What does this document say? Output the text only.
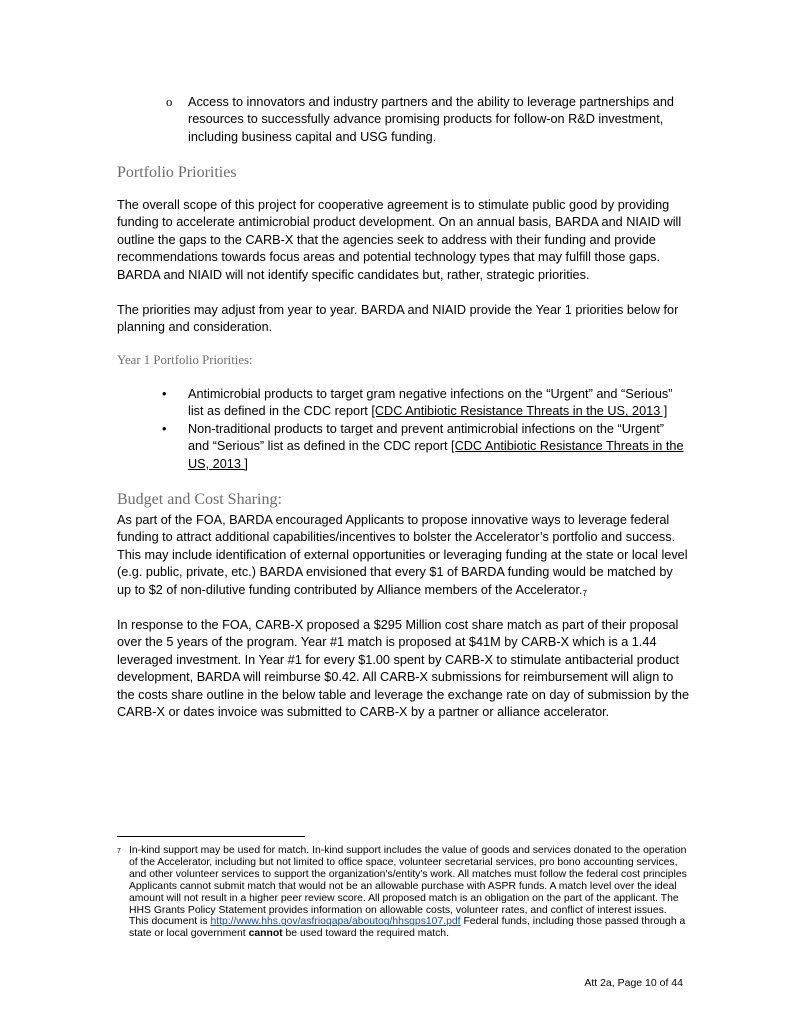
o Access to innovators and industry partners and the ability to leverage partnerships and resources to successfully advance promising products for follow-on R&D investment, including business capital and USG funding.

Portfolio Priorities
The overall scope of this project for cooperative agreement is to stimulate public good by providing funding to accelerate antimicrobial product development. On an annual basis, BARDA and NIAID will outline the gaps to the CARB-X that the agencies seek to address with their funding and provide recommendations towards focus areas and potential technology types that may fulfill those gaps. BARDA and NIAID will not identify specific candidates but, rather, strategic priorities.
The priorities may adjust from year to year. BARDA and NIAID provide the Year 1 priorities below for planning and consideration.
Year 1 Portfolio Priorities:
• Antimicrobial products to target gram negative infections on the “Urgent” and “Serious” list as defined in the CDC report [CDC Antibiotic Resistance Threats in the US, 2013 ]

• Non-traditional products to target and prevent antimicrobial infections on the “Urgent” and “Serious” list as defined in the CDC report [CDC Antibiotic Resistance Threats in the US, 2013 ]

Budget and Cost Sharing:
As part of the FOA, BARDA encouraged Applicants to propose innovative ways to leverage federal funding to attract additional capabilities/incentives to bolster the Accelerator’s portfolio and success. This may include identification of external opportunities or leveraging funding at the state or local level (e.g. public, private, etc.) BARDA envisioned that every $1 of BARDA funding would be matched by up to $2 of non-dilutive funding contributed by Alliance members of the $Accelerator._7$
In response to the FOA, CARB-X proposed a $295 Million cost share match as part of their proposal over the 5 years of the program. Year #1 match is proposed at $41M by CARB-X which is a 1.44 leveraged investment. In Year #1 for every $1.00 spent by CARB-X to stimulate antibacterial product development, BARDA will reimburse $0.42. All CARB-X submissions for reimbursement will align to the costs share outline in the below table and leverage the exchange rate on day of submission by the CARB-X or dates invoice was submitted to CARB-X by a partner or alliance accelerator.
7 In-kind support may be used for match. In-kind support includes the value of goods and services donated to the operation of the Accelerator, including but not limited to office space, volunteer secretarial services, pro bono accounting services, and other volunteer services to support the organization's/entity's work. All matches must follow the federal cost principles Applicants cannot submit match that would not be an allowable purchase with ASPR funds. A match level over the ideal amount will not result in a higher peer review score. All proposed match is an obligation on the part of the applicant. The HHS Grants Policy Statement provides information on allowable costs, volunteer rates, and conflict of interest issues. This document is http://www.hhs.gov/asfrioqapa/aboutog/hhsgps107.pdf Federal funds, including those passed through a state or local government cannot be used toward the required match.

Att 2a, Page 10 of 44
